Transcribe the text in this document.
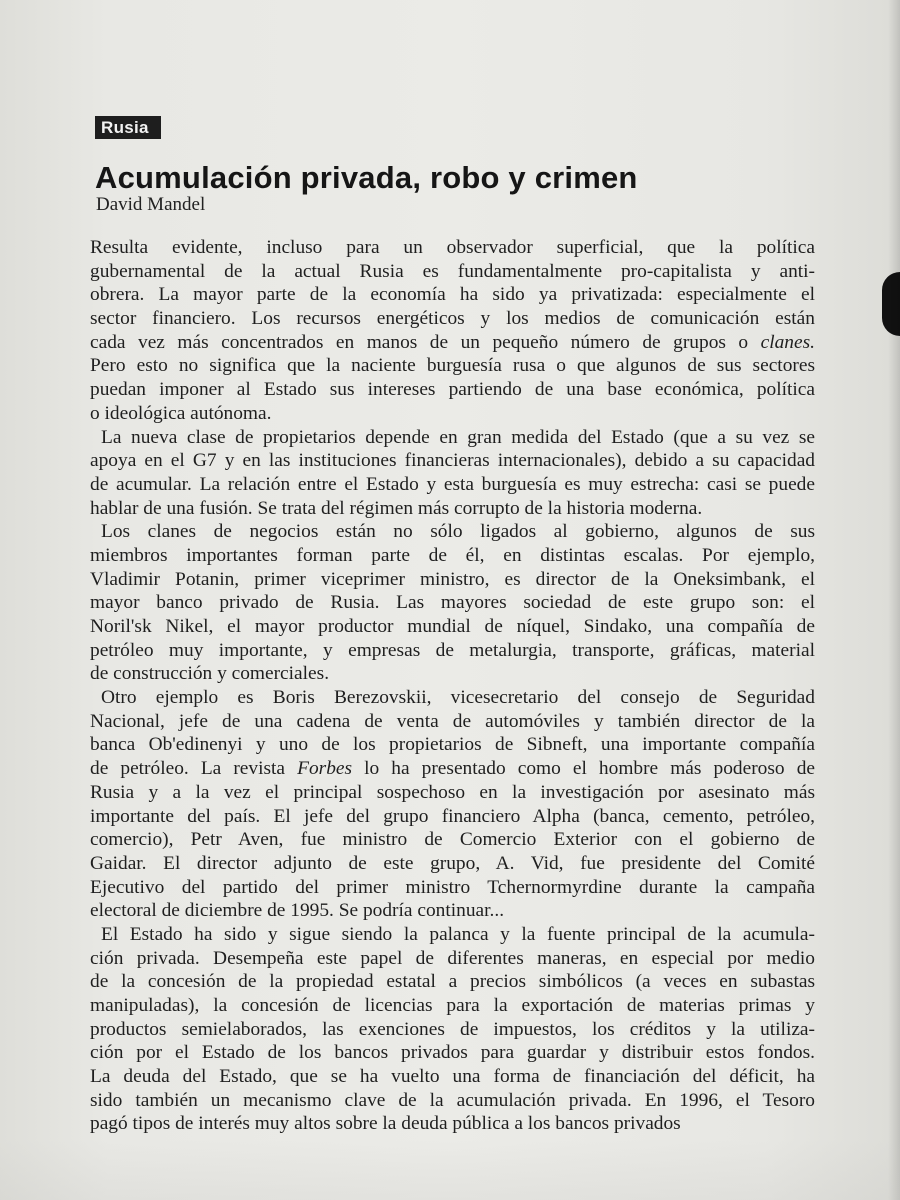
Rusia
Acumulación privada, robo y crimen
David Mandel
Resulta evidente, incluso para un observador superficial, que la política
gubernamental de la actual Rusia es fundamentalmente pro-capitalista y anti-
obrera. La mayor parte de la economía ha sido ya privatizada: especialmente el
sector financiero. Los recursos energéticos y los medios de comunicación están
cada vez más concentrados en manos de un pequeño número de grupos o clanes.
Pero esto no significa que la naciente burguesía rusa o que algunos de sus sectores
puedan imponer al Estado sus intereses partiendo de una base económica, política
o ideológica autónoma.
La nueva clase de propietarios depende en gran medida del Estado (que a su vez se
apoya en el G7 y en las instituciones financieras internacionales), debido a su capacidad
de acumular. La relación entre el Estado y esta burguesía es muy estrecha: casi se puede
hablar de una fusión. Se trata del régimen más corrupto de la historia moderna.
Los clanes de negocios están no sólo ligados al gobierno, algunos de sus
miembros importantes forman parte de él, en distintas escalas. Por ejemplo,
Vladimir Potanin, primer viceprimer ministro, es director de la Oneksimbank, el
mayor banco privado de Rusia. Las mayores sociedad de este grupo son: el
Noril'sk Nikel, el mayor productor mundial de níquel, Sindako, una compañía de
petróleo muy importante, y empresas de metalurgia, transporte, gráficas, material
de construcción y comerciales.
Otro ejemplo es Boris Berezovskii, vicesecretario del consejo de Seguridad
Nacional, jefe de una cadena de venta de automóviles y también director de la
banca Ob'edinenyi y uno de los propietarios de Sibneft, una importante compañía
de petróleo. La revista Forbes lo ha presentado como el hombre más poderoso de
Rusia y a la vez el principal sospechoso en la investigación por asesinato más
importante del país. El jefe del grupo financiero Alpha (banca, cemento, petróleo,
comercio), Petr Aven, fue ministro de Comercio Exterior con el gobierno de
Gaidar. El director adjunto de este grupo, A. Vid, fue presidente del Comité
Ejecutivo del partido del primer ministro Tchernormyrdine durante la campaña
electoral de diciembre de 1995. Se podría continuar...
El Estado ha sido y sigue siendo la palanca y la fuente principal de la acumula-
ción privada. Desempeña este papel de diferentes maneras, en especial por medio
de la concesión de la propiedad estatal a precios simbólicos (a veces en subastas
manipuladas), la concesión de licencias para la exportación de materias primas y
productos semielaborados, las exenciones de impuestos, los créditos y la utiliza-
ción por el Estado de los bancos privados para guardar y distribuir estos fondos.
La deuda del Estado, que se ha vuelto una forma de financiación del déficit, ha
sido también un mecanismo clave de la acumulación privada. En 1996, el Tesoro
pagó tipos de interés muy altos sobre la deuda pública a los bancos privados
